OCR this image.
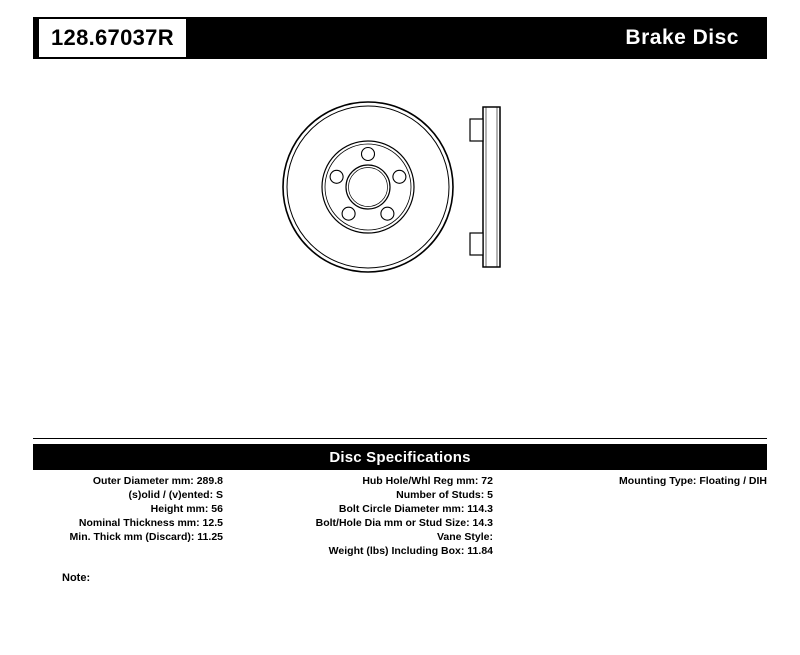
128.67037R	Brake Disc
Disc Specifications
Outer Diameter mm: 289.8
(s)olid / (v)ented: S
Height mm: 56
Nominal Thickness mm: 12.5
Min. Thick mm (Discard): 11.25
Hub Hole/Whl Reg mm: 72
Number of Studs: 5
Bolt Circle Diameter mm: 114.3
Bolt/Hole Dia mm or Stud Size: 14.3
Vane Style:
Weight (lbs) Including Box: 11.84
Mounting Type: Floating / DIH
Note:
